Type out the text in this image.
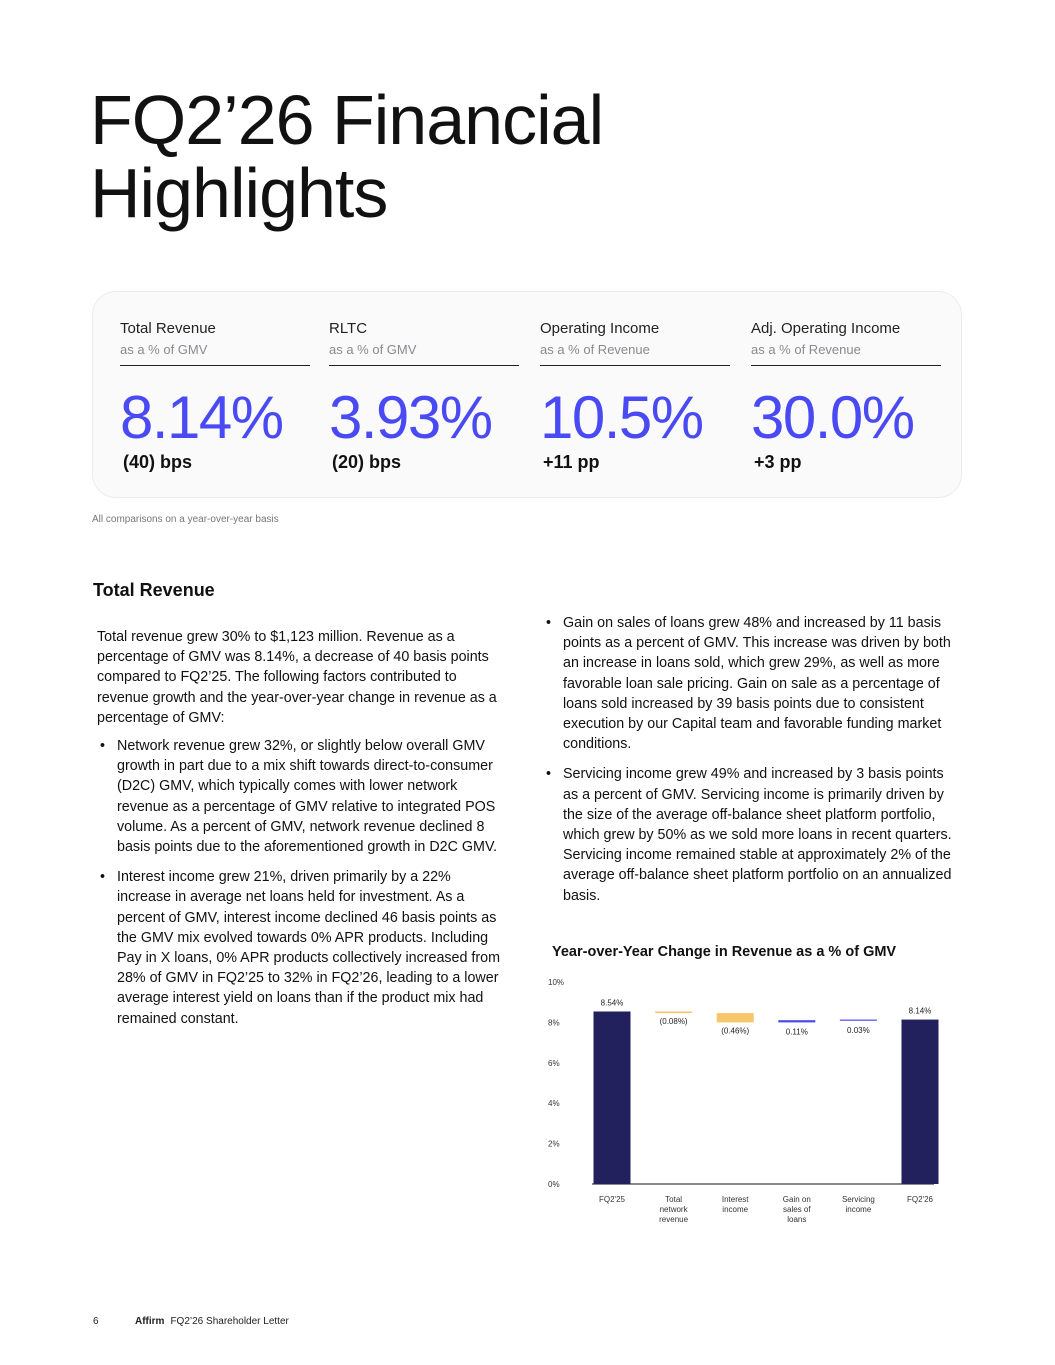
FQ2’26 Financial
Highlights
Total Revenue
as a % of GMV
8.14%
(40) bps
RLTC
as a % of GMV
3.93%
(20) bps
Operating Income
as a % of Revenue
10.5%
+11 pp
Adj. Operating Income
as a % of Revenue
30.0%
+3 pp
All comparisons on a year-over-year basis
Total Revenue

Total revenue grew 30% to $1,123 million. Revenue as a percentage of GMV was 8.14%, a decrease of 40 basis points compared to FQ2’25. The following factors contributed to revenue growth and the year-over-year change in revenue as a percentage of GMV:

• Network revenue grew 32%, or slightly below overall GMV growth in part due to a mix shift towards direct-to-consumer (D2C) GMV, which typically comes with lower network revenue as a percentage of GMV relative to integrated POS volume. As a percent of GMV, network revenue declined 8 basis points due to the aforementioned growth in D2C GMV.
• Interest income grew 21%, driven primarily by a 22% increase in average net loans held for investment. As a percent of GMV, interest income declined 46 basis points as the GMV mix evolved towards 0% APR products. Including Pay in X loans, 0% APR products collectively increased from 28% of GMV in FQ2’25 to 32% in FQ2’26, leading to a lower average interest yield on loans than if the product mix had remained constant.
• Gain on sales of loans grew 48% and increased by 11 basis points as a percent of GMV. This increase was driven by both an increase in loans sold, which grew 29%, as well as more favorable loan sale pricing. Gain on sale as a percentage of loans sold increased by 39 basis points due to consistent execution by our Capital team and favorable funding market conditions.
• Servicing income grew 49% and increased by 3 basis points as a percent of GMV. Servicing income is primarily driven by the size of the average off-balance sheet platform portfolio, which grew by 50% as we sold more loans in recent quarters. Servicing income remained stable at approximately 2% of the average off-balance sheet platform portfolio on an annualized basis.
Year-over-Year Change in Revenue as a % of GMV
0%
2%
4%
6%
8%
10%
8.54%
FQ2'25
(0.08%)
Total network revenue
(0.46%)
Interest income
0.11%
Gain on sales of loans
0.03%
Servicing income
8.14%
FQ2'26
6	Affirm FQ2’26 Shareholder Letter
